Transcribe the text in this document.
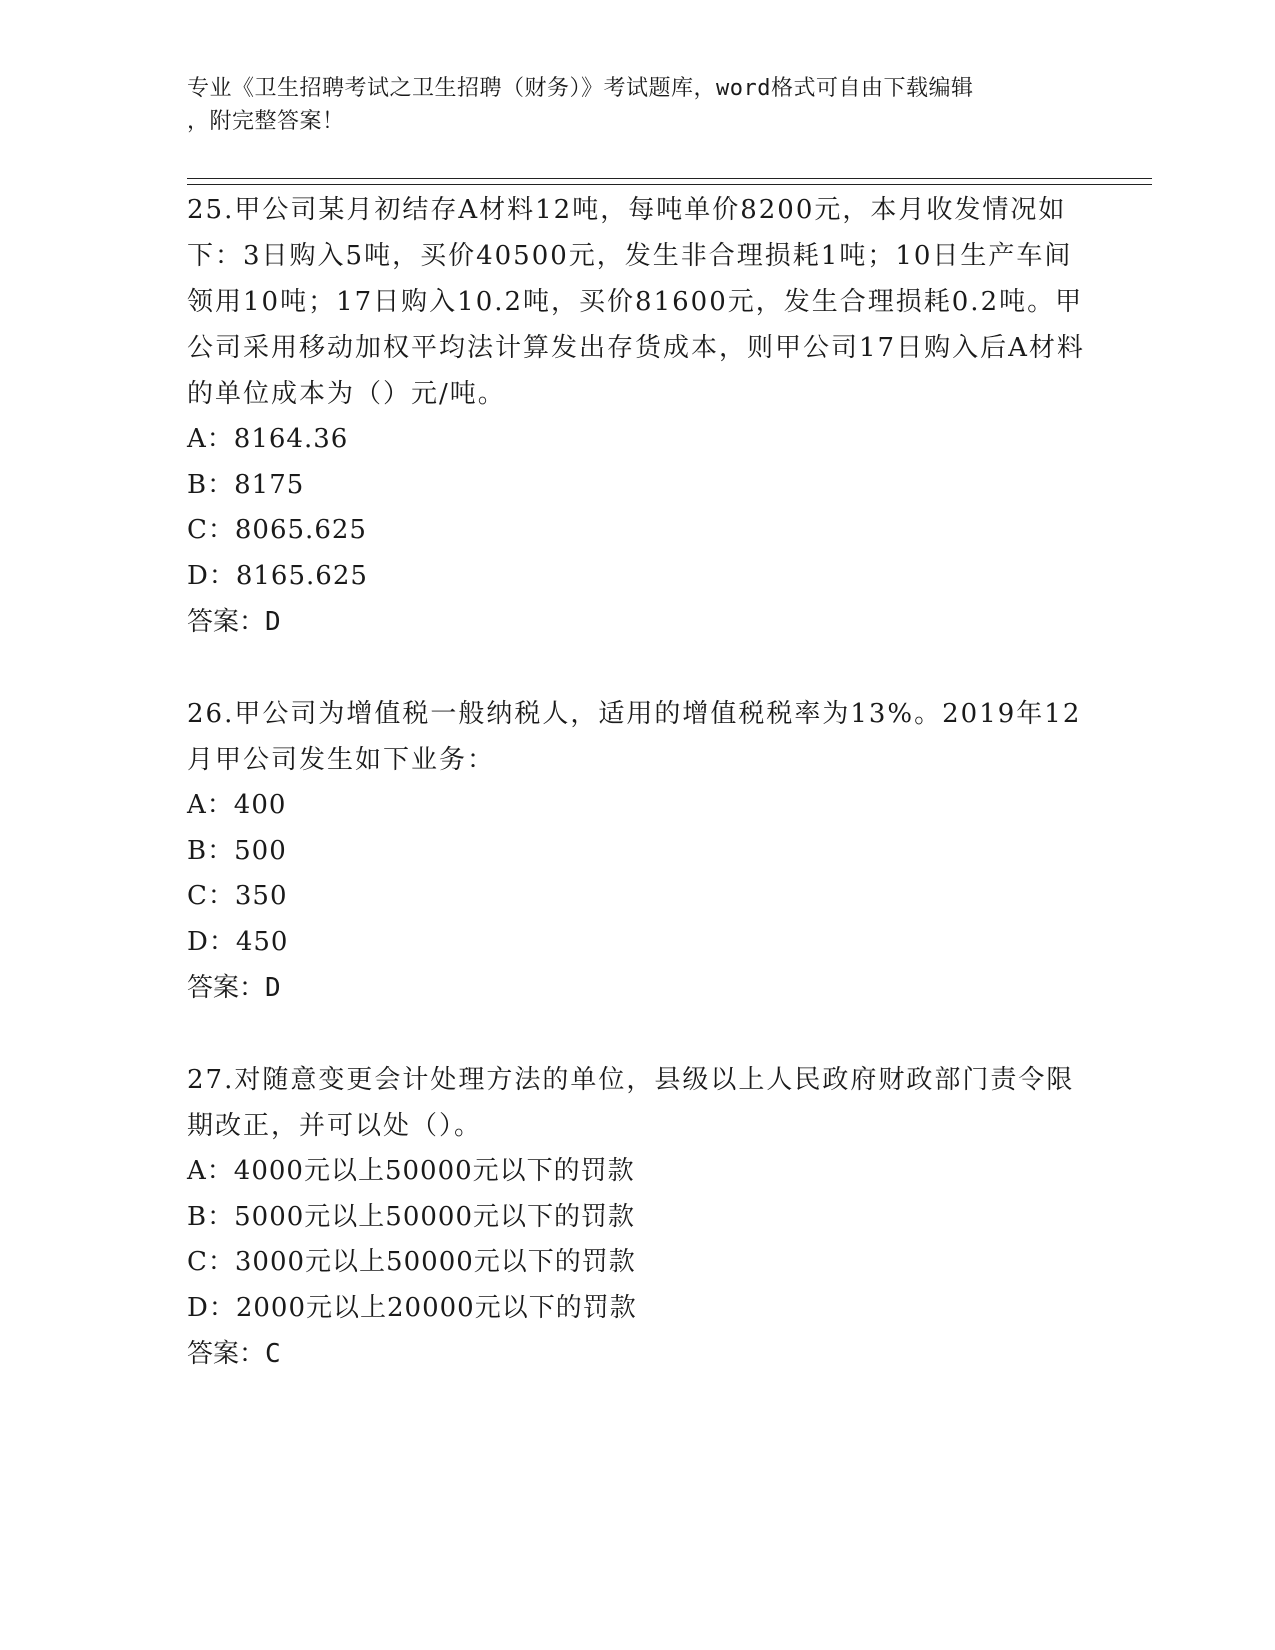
专业《卫生招聘考试之卫生招聘（财务）》考试题库，word格式可自由下载编辑
，附完整答案！

25.甲公司某月初结存A材料12吨，每吨单价8200元，本月收发情况如下：3日购入5吨，买价40500元，发生非合理损耗1吨；10日生产车间领用10吨；17日购入10.2吨，买价81600元，发生合理损耗0.2吨。甲公司采用移动加权平均法计算发出存货成本，则甲公司17日购入后A材料的单位成本为（）元/吨。

A：8164.36

B：8175

C：8065.625

D：8165.625

答案：D

26.甲公司为增值税一般纳税人，适用的增值税税率为13%。2019年12月甲公司发生如下业务：

A：400

B：500

C：350

D：450

答案：D

27.对随意变更会计处理方法的单位，县级以上人民政府财政部门责令限期改正，并可以处（）。

A：4000元以上50000元以下的罚款

B：5000元以上50000元以下的罚款

C：3000元以上50000元以下的罚款

D：2000元以上20000元以下的罚款

答案：C
